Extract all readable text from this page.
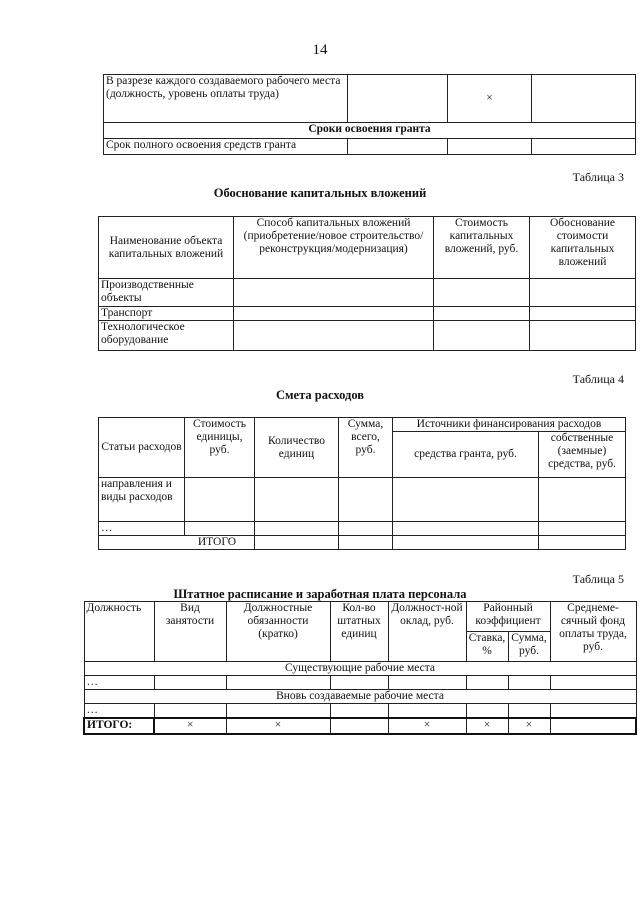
14
В разрезе каждого создаваемого рабочего места (должность, уровень оплаты труда)		×	
Сроки освоения гранта			
Срок полного освоения средств гранта			
Таблица 3
Обоснование капитальных вложений
Наименование объекта капитальных вложений	Способ капитальных вложений (приобретение/новое строительство/реконструкция/модернизация)	Стоимость капитальных вложений, руб.	Обоснование стоимости капитальных вложений
Производственные объекты			
Транспорт			
Технологическое оборудование			
Таблица 4
Смета расходов
Статьи расходов	Стоимость единицы, руб.	Количество единиц	Сумма, всего, руб.	Источники финансирования расходов	
				средства гранта, руб.	собственные (заемные) средства, руб.
направления и виды расходов					
…					
ИТОГО					
Таблица 5
Штатное расписание и заработная плата персонала
Должность	Вид занятости	Должностные обязанности (кратко)	Кол-во штатных единиц	Должност-ной оклад, руб.	Районный коэффициент		Среднеме-сячный фонд оплаты труда, руб.
					Ставка, %	Сумма, руб.	
Существующие рабочие места							
…							
Вновь создаваемые рабочие места							
…							
ИТОГО:	×	×		×	×	×	
